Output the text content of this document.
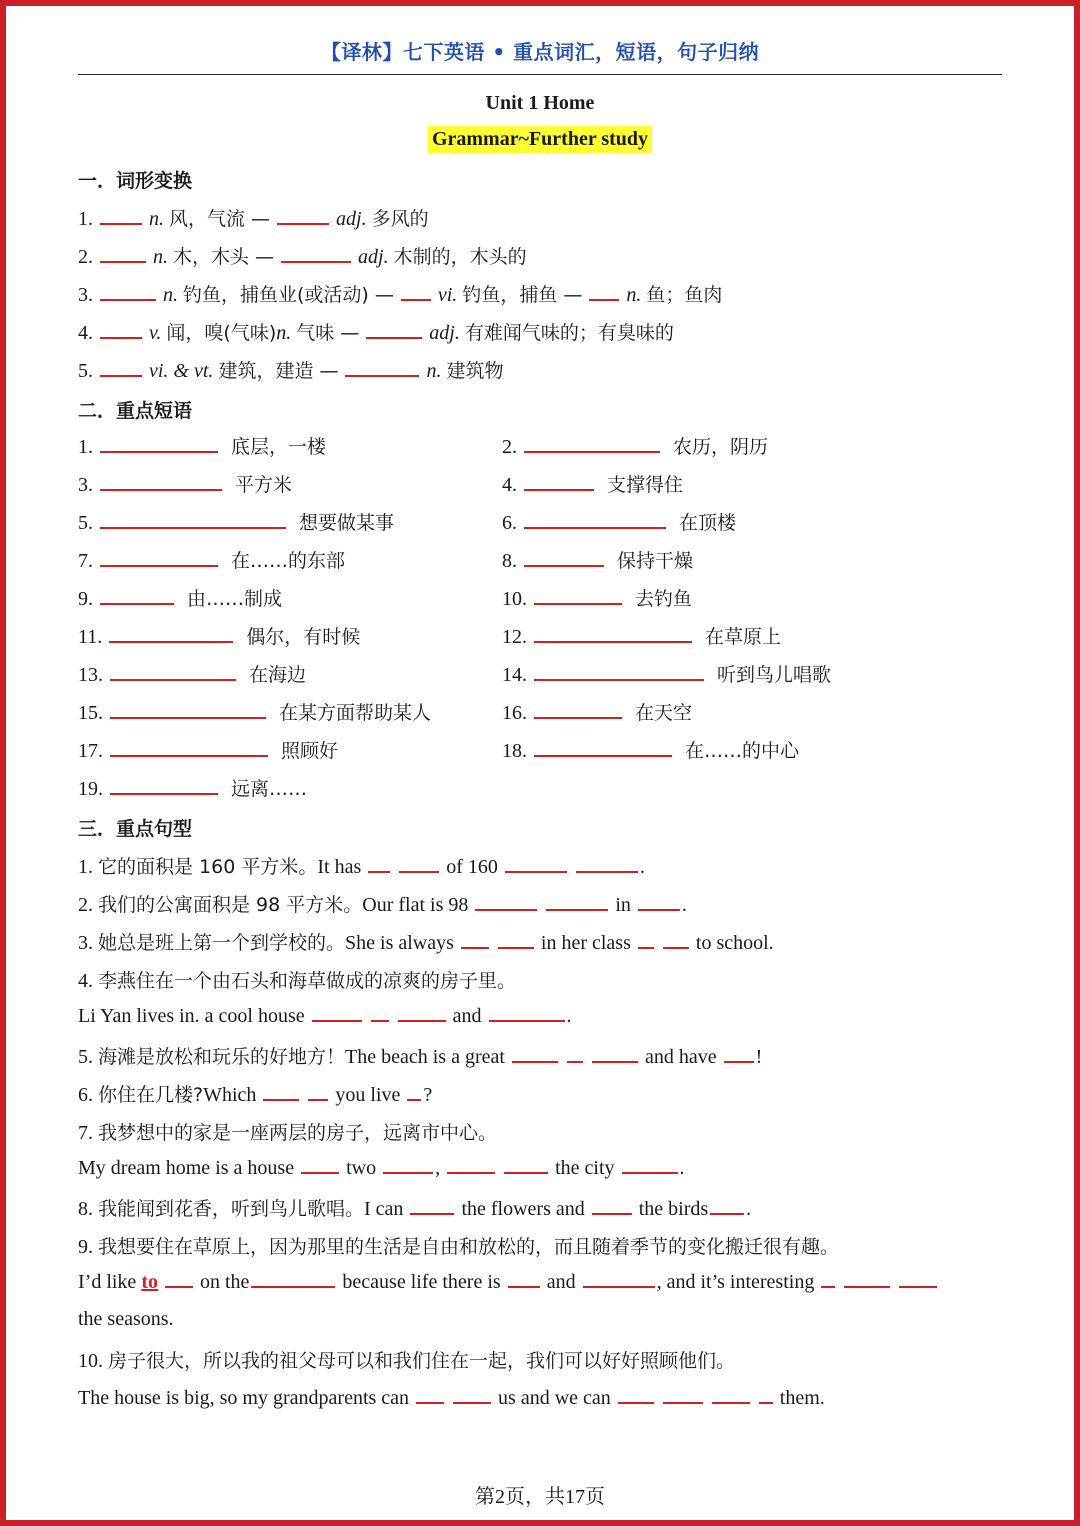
【译林】七下英语 • 重点词汇，短语，句子归纳
Unit 1 Home
Grammar~Further study
一．词形变换
1.	n. 风，气流 —	adj. 多风的
2.	n. 木，木头 —	adj. 木制的，木头的
3.	n. 钓鱼，捕鱼业(或活动) — vi. 钓鱼，捕鱼 — n. 鱼；鱼肉
4.	v. 闻，嗅(气味)n. 气味 —	adj. 有难闻气味的；有臭味的
5.	vi. & vt. 建筑，建造 —	n. 建筑物
二．重点短语
1.	底层，一楼	2.	农历，阴历
3.	平方米	4.	支撑得住
5.	想要做某事	6.	在顶楼
7.	在……的东部	8.	保持干燥
9.	由……制成	10.	去钓鱼
11.	偶尔，有时候	12.	在草原上
13.	在海边	14.	听到鸟儿唱歌
15.	在某方面帮助某人	16.	在天空
17.	照顾好	18.	在……的中心
19.	远离……
三．重点句型
1. 它的面积是 160 平方米。It has	of 160	.
2. 我们的公寓面积是 98 平方米。Our flat is 98	in	.
3. 她总是班上第一个到学校的。She is always	in her class	to school.
4. 李燕住在一个由石头和海草做成的凉爽的房子里。
Li Yan lives in. a cool house	and	.
5. 海滩是放松和玩乐的好地方！The beach is a great	and have !
6. 你住在几楼?Which	you live ?
7. 我梦想中的家是一座两层的房子，远离市中心。
My dream home is a house	two	,	the city	.
8. 我能闻到花香，听到鸟儿歌唱。I can	the flowers and	the birds .
9. 我想要住在草原上，因为那里的生活是自由和放松的，而且随着季节的变化搬迁很有趣。
I’d like to on the	because life there is and	, and it’s interesting
the seasons.
10. 房子很大，所以我的祖父母可以和我们住在一起，我们可以好好照顾他们。
The house is big, so my grandparents can	us and we can	them.
第2页，共17页
